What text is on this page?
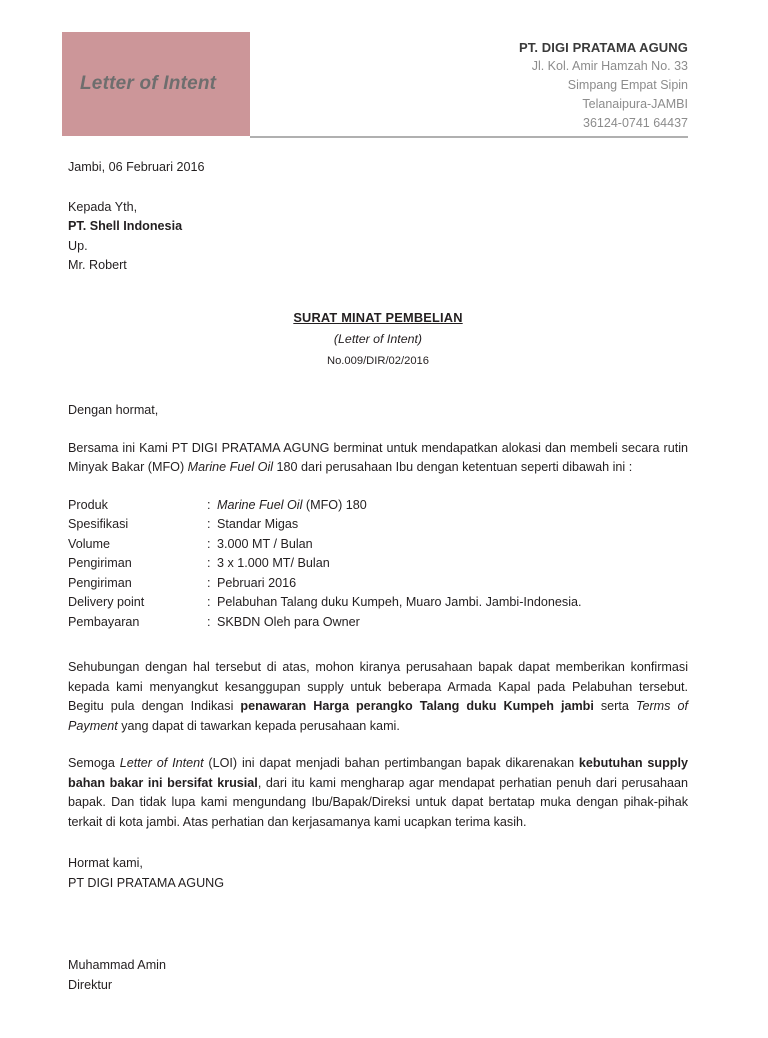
Letter of Intent
PT. DIGI PRATAMA AGUNG
Jl. Kol. Amir Hamzah No. 33
Simpang Empat Sipin
Telanaipura-JAMBI
36124-0741 64437
Jambi, 06 Februari 2016
Kepada Yth,
PT. Shell Indonesia
Up.
Mr. Robert
SURAT MINAT PEMBELIAN
(Letter of Intent)
No.009/DIR/02/2016
Dengan hormat,
Bersama ini Kami PT DIGI PRATAMA AGUNG berminat untuk mendapatkan alokasi dan membeli secara rutin Minyak Bakar (MFO) Marine Fuel Oil 180 dari perusahaan Ibu dengan ketentuan seperti dibawah ini :
Produk	:	Marine Fuel Oil (MFO) 180
Spesifikasi	:	Standar Migas
Volume	:	3.000 MT / Bulan
Pengiriman	:	3 x 1.000 MT/ Bulan
Pengiriman	:	Pebruari 2016
Delivery point	:	Pelabuhan Talang duku Kumpeh, Muaro Jambi. Jambi-Indonesia.
Pembayaran	:	SKBDN Oleh para Owner
Sehubungan dengan hal tersebut di atas, mohon kiranya perusahaan bapak dapat memberikan konfirmasi kepada kami menyangkut kesanggupan supply untuk beberapa Armada Kapal pada Pelabuhan tersebut. Begitu pula dengan Indikasi penawaran Harga perangko Talang duku Kumpeh jambi serta Terms of Payment yang dapat di tawarkan kepada perusahaan kami.
Semoga Letter of Intent (LOI) ini dapat menjadi bahan pertimbangan bapak dikarenakan kebutuhan supply bahan bakar ini bersifat krusial, dari itu kami mengharap agar mendapat perhatian penuh dari perusahaan bapak. Dan tidak lupa kami mengundang Ibu/Bapak/Direksi untuk dapat bertatap muka dengan pihak-pihak terkait di kota jambi. Atas perhatian dan kerjasamanya kami ucapkan terima kasih.
Hormat kami,
PT DIGI PRATAMA AGUNG
Muhammad Amin
Direktur
